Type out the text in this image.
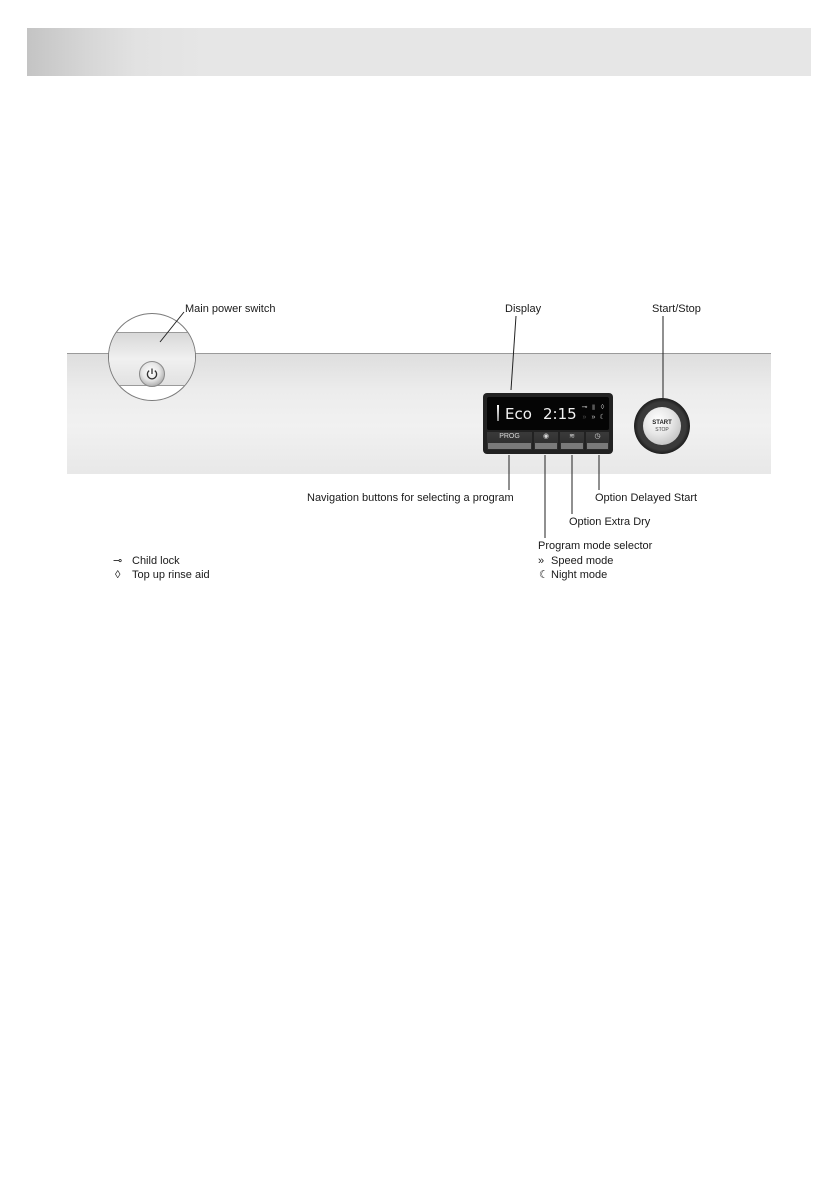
Main power switch	Display	Start/Stop
Eco 2:15 ⊸ ▮ ◊
» » ☾
PROG	◉	≋	◷
START
STOP
Navigation buttons for selecting a program	Option Delayed Start
Option Extra Dry
Program mode selector
» Speed mode
☾ Night mode
⊸ Child lock
◊ Top up rinse aid
